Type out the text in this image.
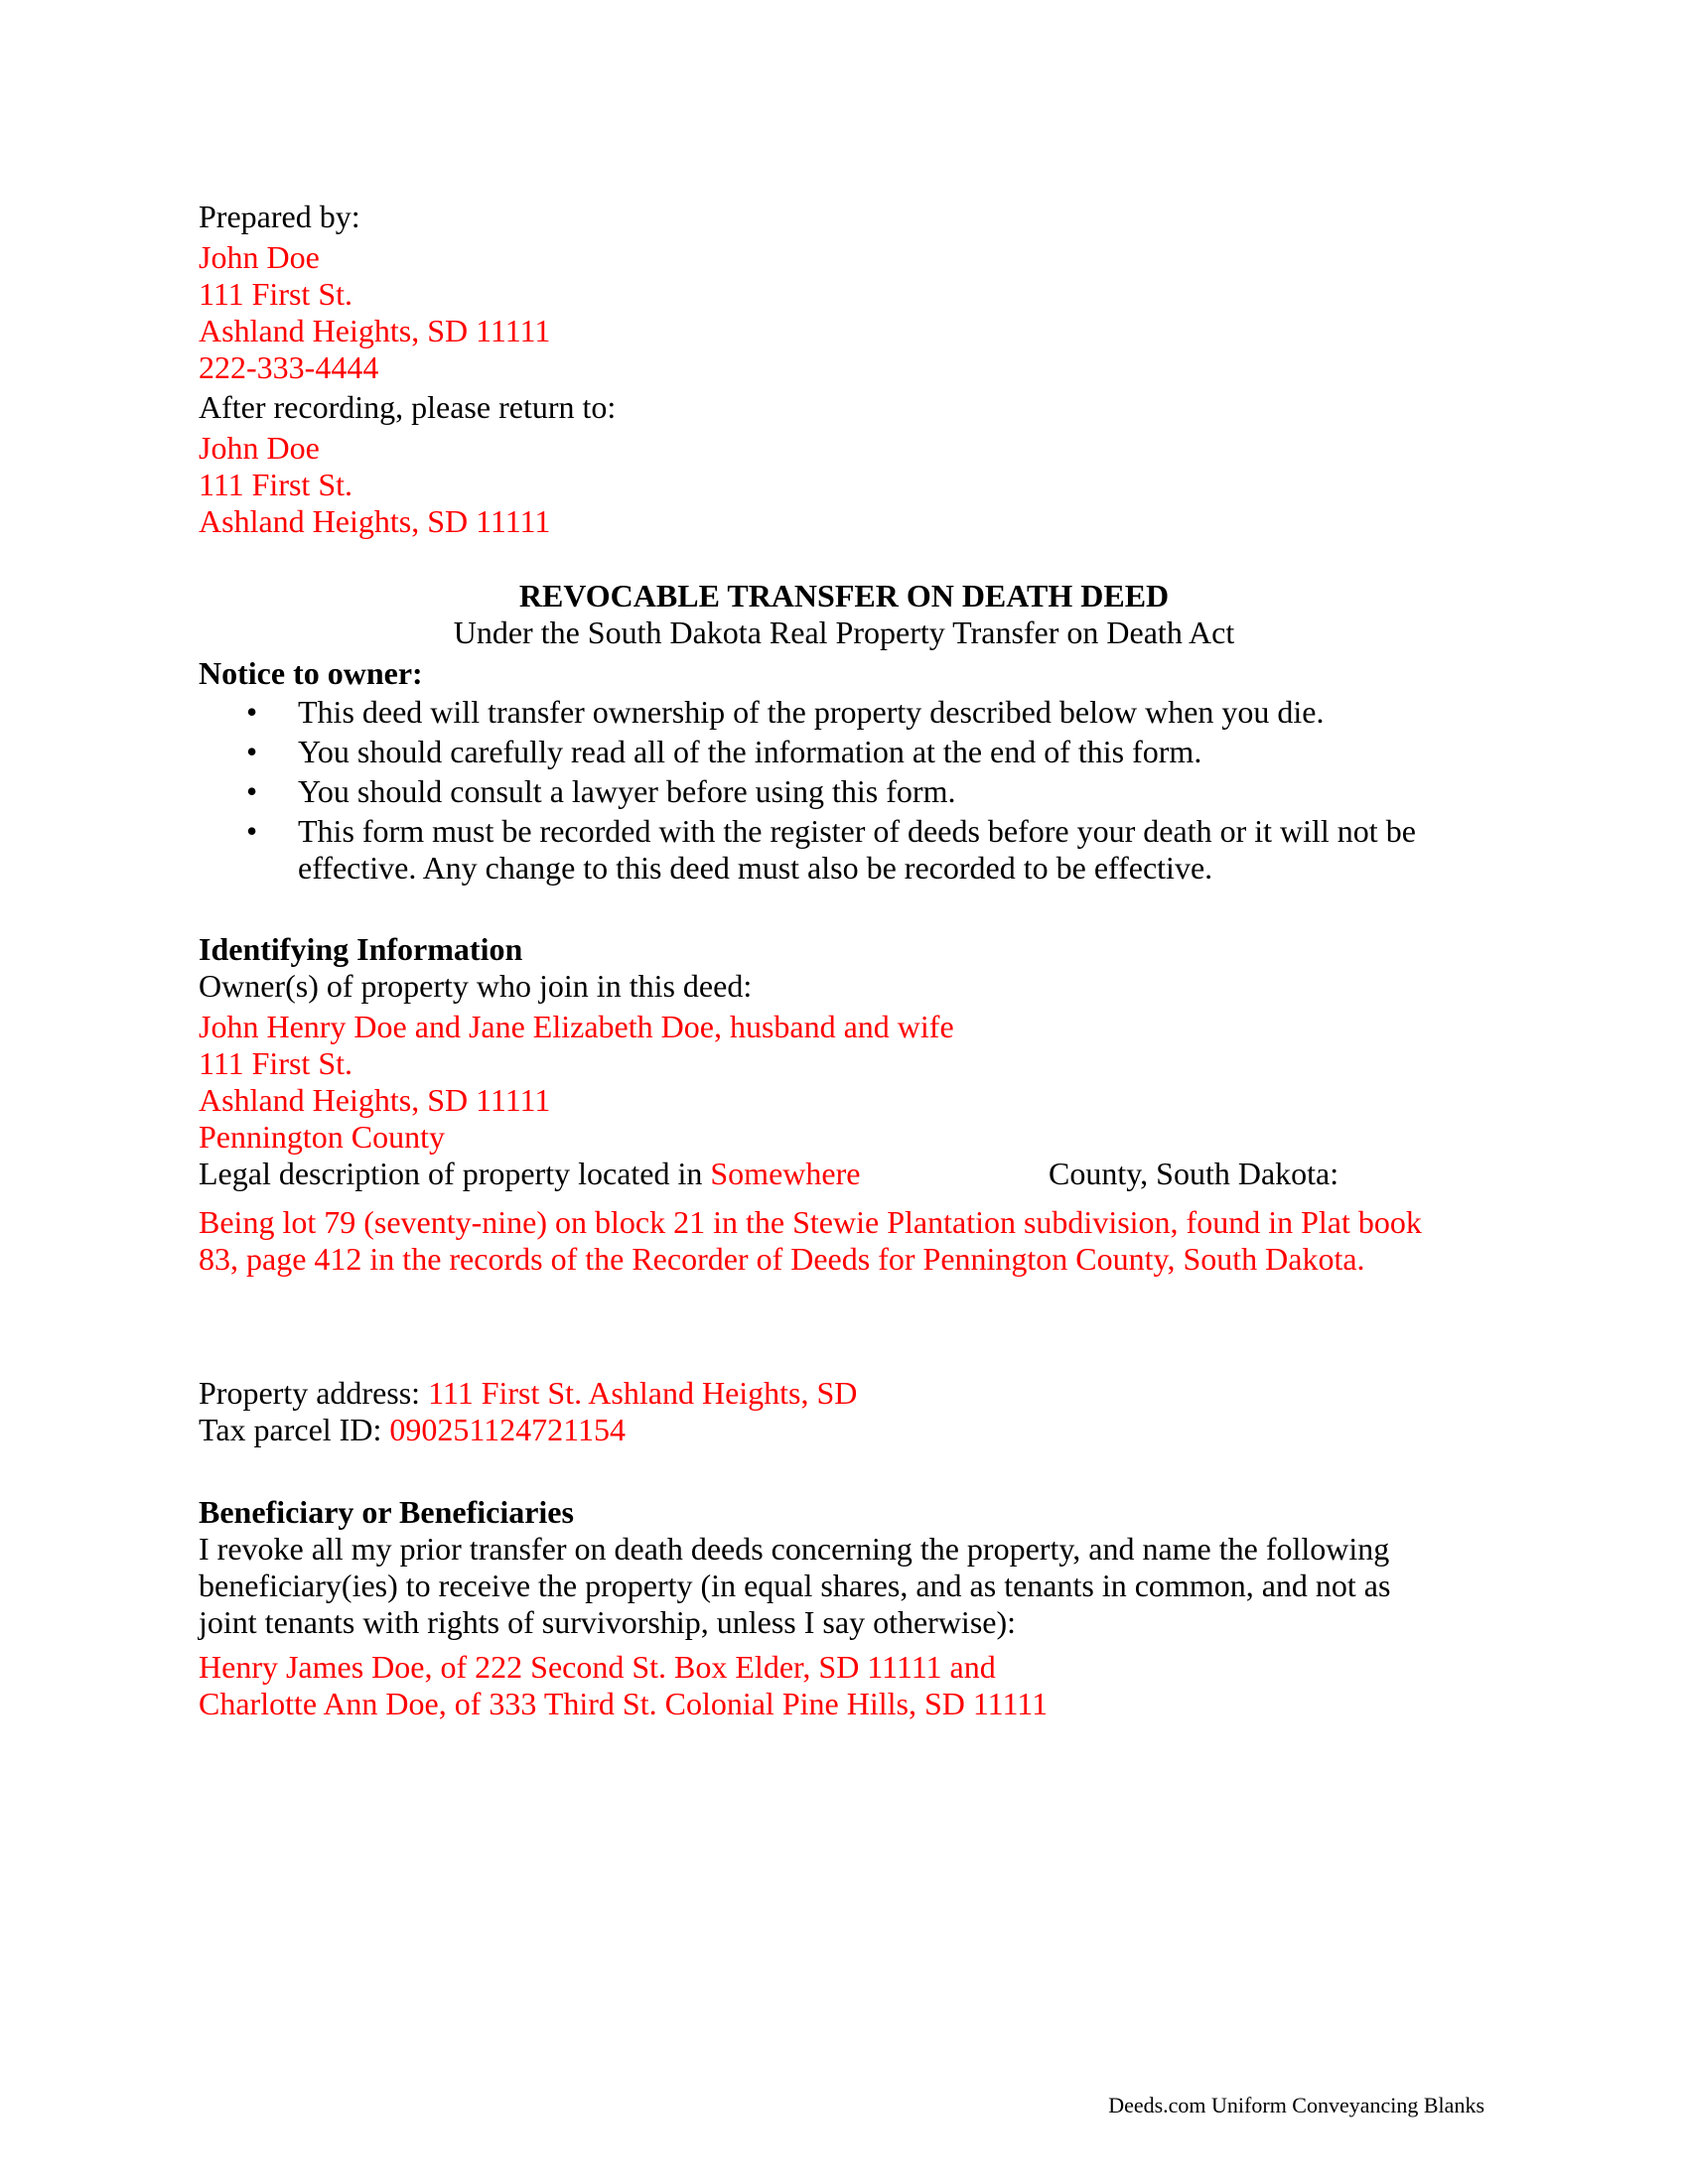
Prepared by:
John Doe
111 First St.
Ashland Heights, SD 11111
222-333-4444
After recording, please return to:
John Doe
111 First St.
Ashland Heights, SD 11111
REVOCABLE TRANSFER ON DEATH DEED
Under the South Dakota Real Property Transfer on Death Act
Notice to owner:
• This deed will transfer ownership of the property described below when you die.
• You should carefully read all of the information at the end of this form.
• You should consult a lawyer before using this form.
• This form must be recorded with the register of deeds before your death or it will not be
effective. Any change to this deed must also be recorded to be effective.
Identifying Information
Owner(s) of property who join in this deed:
John Henry Doe and Jane Elizabeth Doe, husband and wife
111 First St.
Ashland Heights, SD 11111
Pennington County
Legal description of property located in Somewhere	County, South Dakota:
Being lot 79 (seventy-nine) on block 21 in the Stewie Plantation subdivision, found in Plat book
83, page 412 in the records of the Recorder of Deeds for Pennington County, South Dakota.
Property address: 111 First St. Ashland Heights, SD
Tax parcel ID: 090251124721154
Beneficiary or Beneficiaries
I revoke all my prior transfer on death deeds concerning the property, and name the following
beneficiary(ies) to receive the property (in equal shares, and as tenants in common, and not as
joint tenants with rights of survivorship, unless I say otherwise):
Henry James Doe, of 222 Second St. Box Elder, SD 11111 and
Charlotte Ann Doe, of 333 Third St. Colonial Pine Hills, SD 11111
Deeds.com Uniform Conveyancing Blanks
